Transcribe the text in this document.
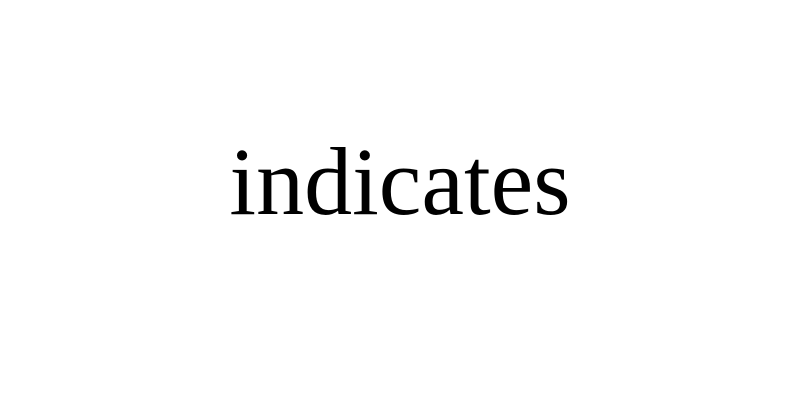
indicates
